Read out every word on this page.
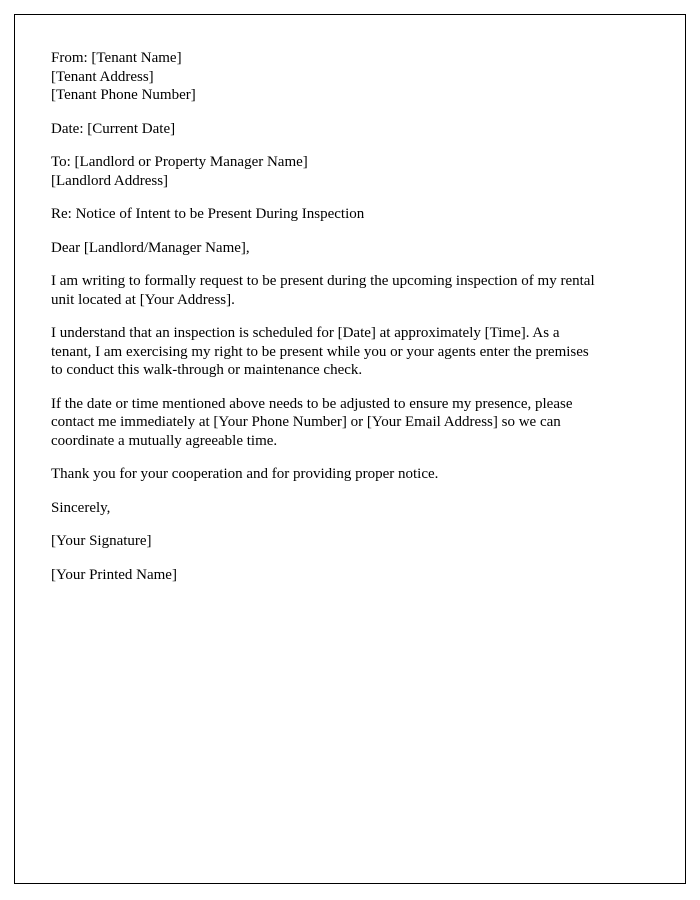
From: [Tenant Name]
[Tenant Address]
[Tenant Phone Number]
Date: [Current Date]
To: [Landlord or Property Manager Name]
[Landlord Address]
Re: Notice of Intent to be Present During Inspection
Dear [Landlord/Manager Name],

I am writing to formally request to be present during the upcoming inspection of my rental unit located at [Your Address].

I understand that an inspection is scheduled for [Date] at approximately [Time]. As a tenant, I am exercising my right to be present while you or your agents enter the premises to conduct this walk-through or maintenance check.

If the date or time mentioned above needs to be adjusted to ensure my presence, please contact me immediately at [Your Phone Number] or [Your Email Address] so we can coordinate a mutually agreeable time.

Thank you for your cooperation and for providing proper notice.

Sincerely,
[Your Signature]
[Your Printed Name]
